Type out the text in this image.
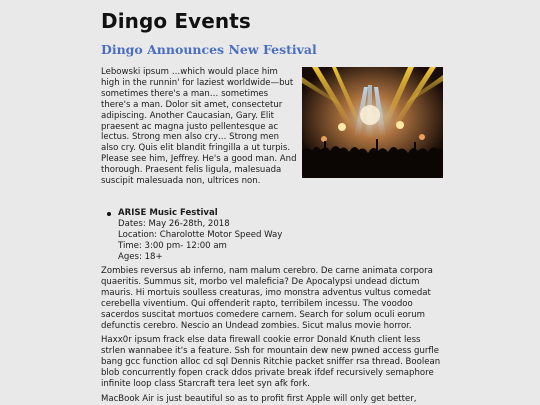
Dingo Events
Dingo Announces New Festival
Lebowski ipsum …which would place him high in the runnin' for laziest worldwide—but sometimes there's a man… sometimes there's a man. Dolor sit amet, consectetur adipiscing. Another Caucasian, Gary. Elit praesent ac magna justo pellentesque ac lectus. Strong men also cry… Strong men also cry. Quis elit blandit fringilla a ut turpis. Please see him, Jeffrey. He's a good man. And thorough. Praesent felis ligula, malesuada suscipit malesuada non, ultrices non.
ARISE Music Festival
Dates: May 26-28th, 2018
Location: Charolotte Motor Speed Way
Time: 3:00 pm- 12:00 am
Ages: 18+

Zombies reversus ab inferno, nam malum cerebro. De carne animata corpora quaeritis. Summus sit, morbo vel maleficia? De Apocalypsi undead dictum mauris. Hi mortuis soulless creaturas, imo monstra adventus vultus comedat cerebella viventium. Qui offenderit rapto, terribilem incessu. The voodoo sacerdos suscitat mortuos comedere carnem. Search for solum oculi eorum defunctis cerebro. Nescio an Undead zombies. Sicut malus movie horror.

Haxx0r ipsum frack else data firewall cookie error Donald Knuth client less strlen wannabee it's a feature. Ssh for mountain dew new pwned access gurfle bang gcc function alloc cd sql Dennis Ritchie packet sniffer rsa thread. Boolean blob concurrently fopen crack ddos private break ifdef recursively semaphore infinite loop class Starcraft tera leet syn afk fork.

MacBook Air is just beautiful so as to profit first Apple will only get better,
